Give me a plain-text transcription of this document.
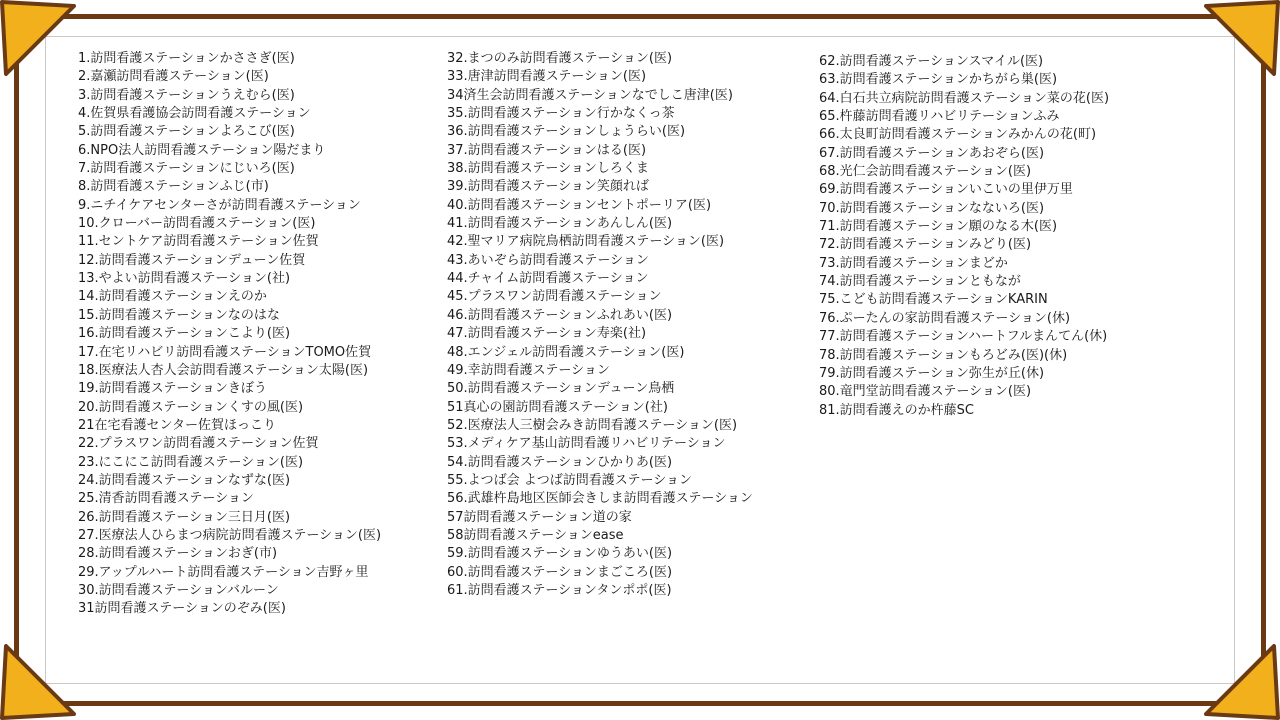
1.訪問看護ステーションかささぎ(医)
2.嘉瀬訪問看護ステーション(医)
3.訪問看護ステーションうえむら(医)
4.佐賀県看護協会訪問看護ステーション
5.訪問看護ステーションよろこび(医)
6.NPO法人訪問看護ステーション陽だまり
7.訪問看護ステーションにじいろ(医)
8.訪問看護ステーションふじ(市)
9.ニチイケアセンターさが訪問看護ステーション
10.クローバー訪問看護ステーション(医)
11.セントケア訪問看護ステーション佐賀
12.訪問看護ステーションデューン佐賀
13.やよい訪問看護ステーション(社)
14.訪問看護ステーションえのか
15.訪問看護ステーションなのはな
16.訪問看護ステーションこより(医)
17.在宅リハビリ訪問看護ステーションTOMO佐賀
18.医療法人杏人会訪問看護ステーション太陽(医)
19.訪問看護ステーションきぼう
20.訪問看護ステーションくすの風(医)
21在宅看護センター佐賀ほっこり
22.プラスワン訪問看護ステーション佐賀
23.にこにこ訪問看護ステーション(医)
24.訪問看護ステーションなずな(医)
25.清香訪問看護ステーション
26.訪問看護ステーション三日月(医)
27.医療法人ひらまつ病院訪問看護ステーション(医)
28.訪問看護ステーションおぎ(市)
29.アップルハート訪問看護ステーション吉野ヶ里
30.訪問看護ステーションバルーン
31訪問看護ステーションのぞみ(医)
32.まつのみ訪問看護ステーション(医)
33.唐津訪問看護ステーション(医)
34済生会訪問看護ステーションなでしこ唐津(医)
35.訪問看護ステーション行かなくっ茶
36.訪問看護ステーションしょうらい(医)
37.訪問看護ステーションはる(医)
38.訪問看護ステーションしろくま
39.訪問看護ステーション笑顔れば
40.訪問看護ステーションセントポーリア(医)
41.訪問看護ステーションあんしん(医)
42.聖マリア病院鳥栖訪問看護ステーション(医)
43.あいぞら訪問看護ステーション
44.チャイム訪問看護ステーション
45.プラスワン訪問看護ステーション
46.訪問看護ステーションふれあい(医)
47.訪問看護ステーション寿楽(社)
48.エンジェル訪問看護ステーション(医)
49.幸訪問看護ステーション
50.訪問看護ステーションデューン鳥栖
51真心の園訪問看護ステーション(社)
52.医療法人三樹会みき訪問看護ステーション(医)
53.メディケア基山訪問看護リハビリテーション
54.訪問看護ステーションひかりあ(医)
55.よつば会 よつば訪問看護ステーション
56.武雄杵島地区医師会きしま訪問看護ステーション
57訪問看護ステーション道の家
58訪問看護ステーションease
59.訪問看護ステーションゆうあい(医)
60.訪問看護ステーションまごころ(医)
61.訪問看護ステーションタンポポ(医)
62.訪問看護ステーションスマイル(医)
63.訪問看護ステーションかちがら巣(医)
64.白石共立病院訪問看護ステーション菜の花(医)
65.杵藤訪問看護リハビリテーションふみ
66.太良町訪問看護ステーションみかんの花(町)
67.訪問看護ステーションあおぞら(医)
68.光仁会訪問看護ステーション(医)
69.訪問看護ステーションいこいの里伊万里
70.訪問看護ステーションなないろ(医)
71.訪問看護ステーション願のなる木(医)
72.訪問看護ステーションみどり(医)
73.訪問看護ステーションまどか
74.訪問看護ステーションともなが
75.こども訪問看護ステーションKARIN
76.ぷーたんの家訪問看護ステーション(休)
77.訪問看護ステーションハートフルまんてん(休)
78.訪問看護ステーションもろどみ(医)(休)
79.訪問看護ステーション弥生が丘(休)
80.竜門堂訪問看護ステーション(医)
81.訪問看護えのか杵藤SC
